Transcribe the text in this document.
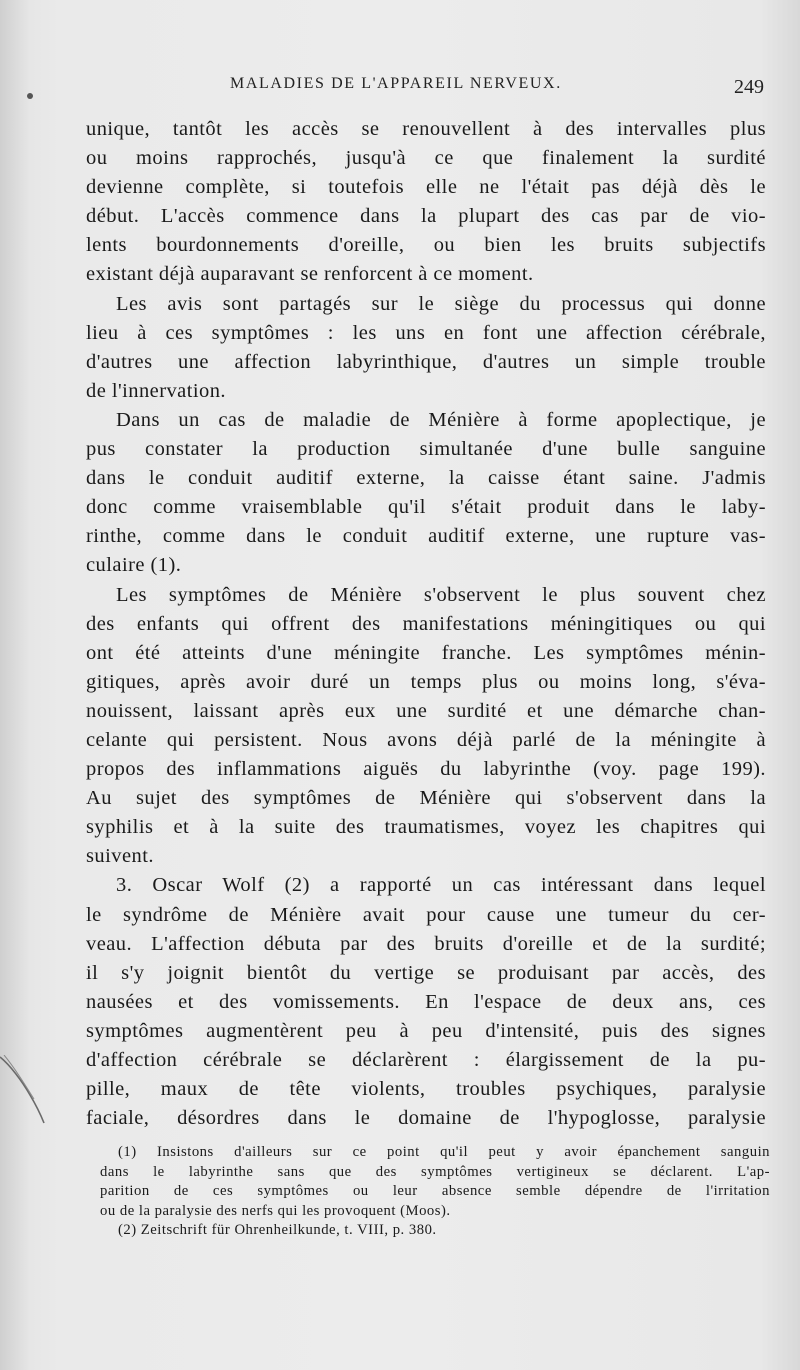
MALADIES DE L'APPAREIL NERVEUX.	249
unique, tantôt les accès se renouvellent à des intervalles plus
ou moins rapprochés, jusqu'à ce que finalement la surdité
devienne complète, si toutefois elle ne l'était pas déjà dès le
début. L'accès commence dans la plupart des cas par de vio-
lents bourdonnements d'oreille, ou bien les bruits subjectifs
existant déjà auparavant se renforcent à ce moment.
Les avis sont partagés sur le siège du processus qui donne
lieu à ces symptômes : les uns en font une affection cérébrale,
d'autres une affection labyrinthique, d'autres un simple trouble
de l'innervation.
Dans un cas de maladie de Ménière à forme apoplectique, je
pus constater la production simultanée d'une bulle sanguine
dans le conduit auditif externe, la caisse étant saine. J'admis
donc comme vraisemblable qu'il s'était produit dans le laby-
rinthe, comme dans le conduit auditif externe, une rupture vas-
culaire (1).
Les symptômes de Ménière s'observent le plus souvent chez
des enfants qui offrent des manifestations méningitiques ou qui
ont été atteints d'une méningite franche. Les symptômes ménin-
gitiques, après avoir duré un temps plus ou moins long, s'éva-
nouissent, laissant après eux une surdité et une démarche chan-
celante qui persistent. Nous avons déjà parlé de la méningite à
propos des inflammations aiguës du labyrinthe (voy. page 199).
Au sujet des symptômes de Ménière qui s'observent dans la
syphilis et à la suite des traumatismes, voyez les chapitres qui
suivent.
3. Oscar Wolf (2) a rapporté un cas intéressant dans lequel
le syndrôme de Ménière avait pour cause une tumeur du cer-
veau. L'affection débuta par des bruits d'oreille et de la surdité;
il s'y joignit bientôt du vertige se produisant par accès, des
nausées et des vomissements. En l'espace de deux ans, ces
symptômes augmentèrent peu à peu d'intensité, puis des signes
d'affection cérébrale se déclarèrent : élargissement de la pu-
pille, maux de tête violents, troubles psychiques, paralysie
faciale, désordres dans le domaine de l'hypoglosse, paralysie
(1) Insistons d'ailleurs sur ce point qu'il peut y avoir épanchement sanguin
dans le labyrinthe sans que des symptômes vertigineux se déclarent. L'ap-
parition de ces symptômes ou leur absence semble dépendre de l'irritation
ou de la paralysie des nerfs qui les provoquent (Moos).
(2) Zeitschrift für Ohrenheilkunde, t. VIII, p. 380.
